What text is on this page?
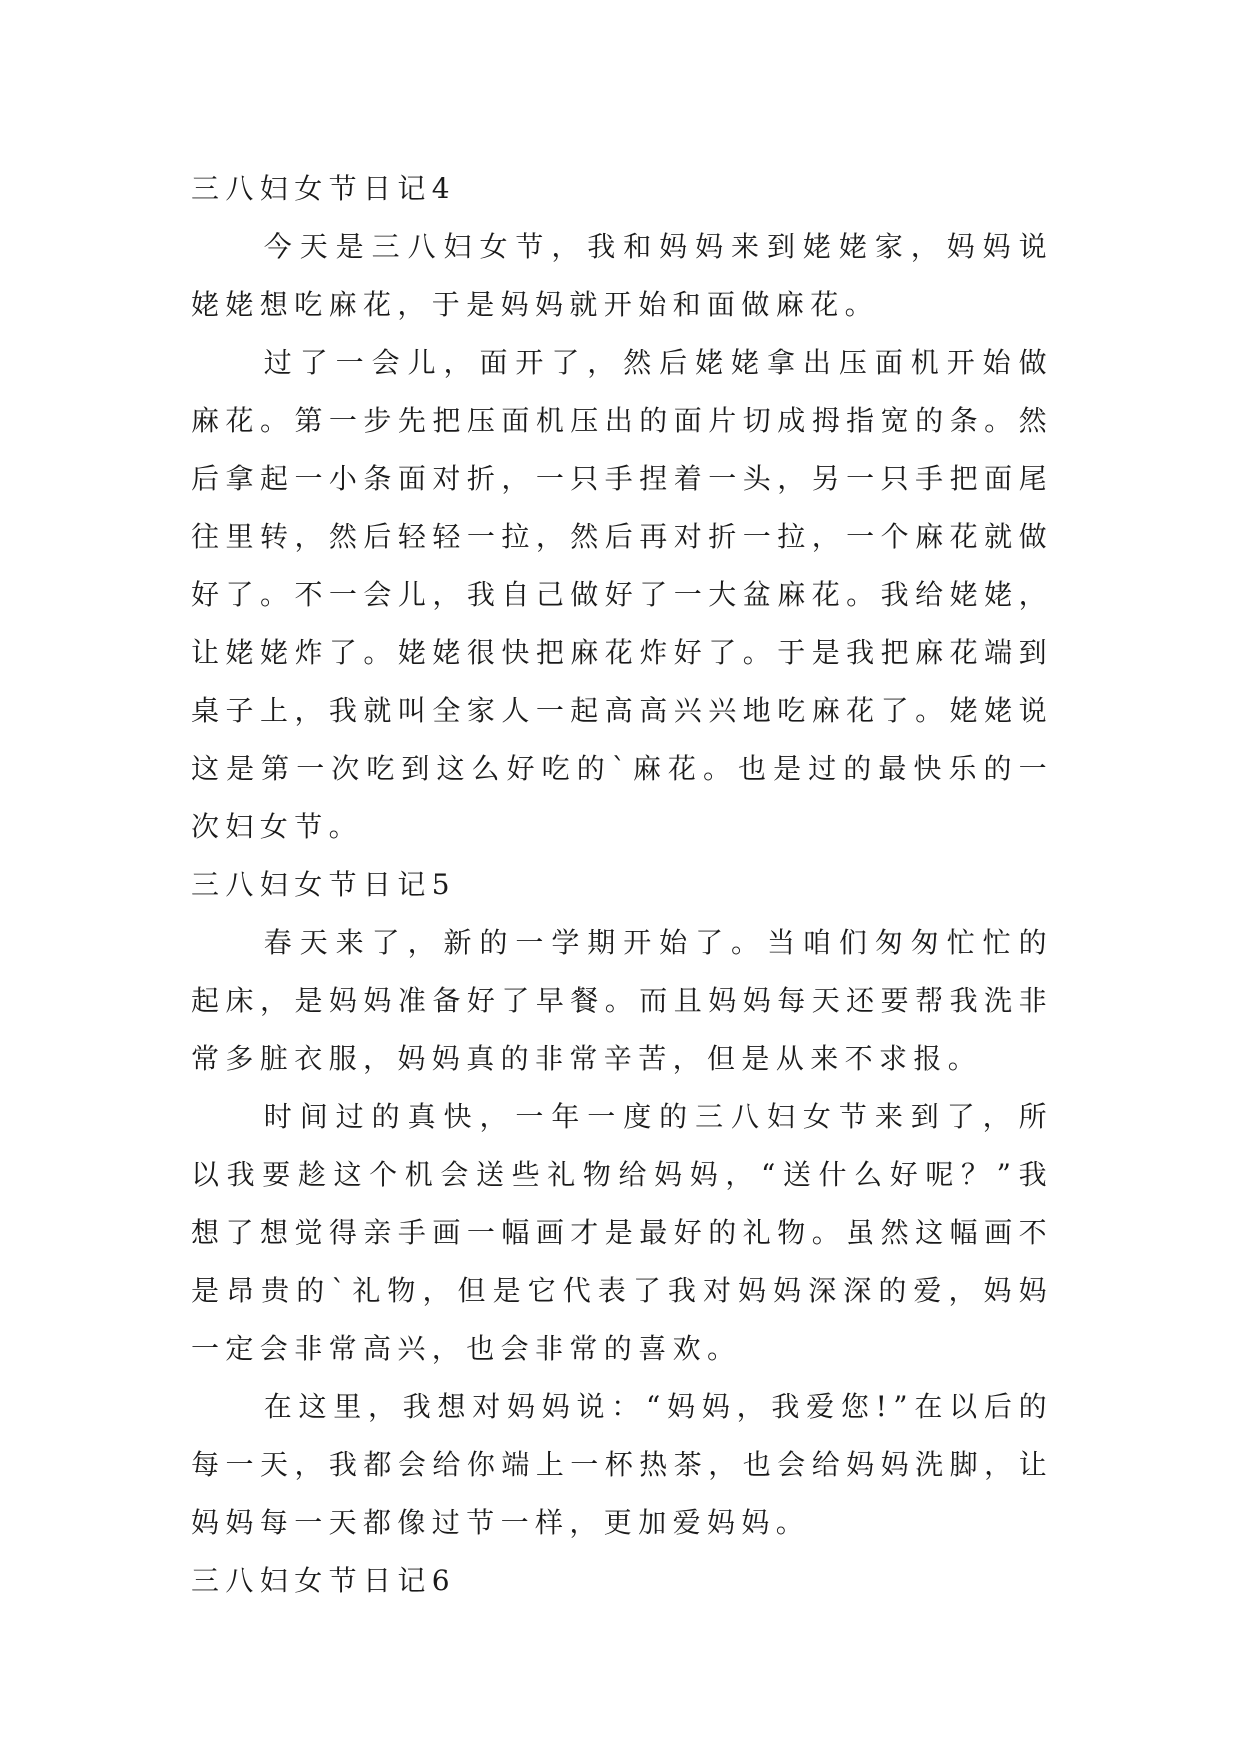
三八妇女节日记4

今天是三八妇女节，我和妈妈来到姥姥家，妈妈说姥姥想吃麻花，于是妈妈就开始和面做麻花。

过了一会儿，面开了，然后姥姥拿出压面机开始做麻花。第一步先把压面机压出的面片切成拇指宽的条。然后拿起一小条面对折，一只手捏着一头，另一只手把面尾往里转，然后轻轻一拉，然后再对折一拉，一个麻花就做好了。不一会儿，我自己做好了一大盆麻花。我给姥姥，让姥姥炸了。姥姥很快把麻花炸好了。于是我把麻花端到桌子上，我就叫全家人一起高高兴兴地吃麻花了。姥姥说这是第一次吃到这么好吃的`麻花。也是过的最快乐的一次妇女节。

三八妇女节日记5

春天来了，新的一学期开始了。当咱们匆匆忙忙的起床，是妈妈准备好了早餐。而且妈妈每天还要帮我洗非常多脏衣服，妈妈真的非常辛苦，但是从来不求报。

时间过的真快，一年一度的三八妇女节来到了，所以我要趁这个机会送些礼物给妈妈，“送什么好呢？”我想了想觉得亲手画一幅画才是最好的礼物。虽然这幅画不是昂贵的`礼物，但是它代表了我对妈妈深深的爱，妈妈一定会非常高兴，也会非常的喜欢。

在这里，我想对妈妈说：“妈妈，我爱您!”在以后的每一天，我都会给你端上一杯热茶，也会给妈妈洗脚，让妈妈每一天都像过节一样，更加爱妈妈。

三八妇女节日记6
